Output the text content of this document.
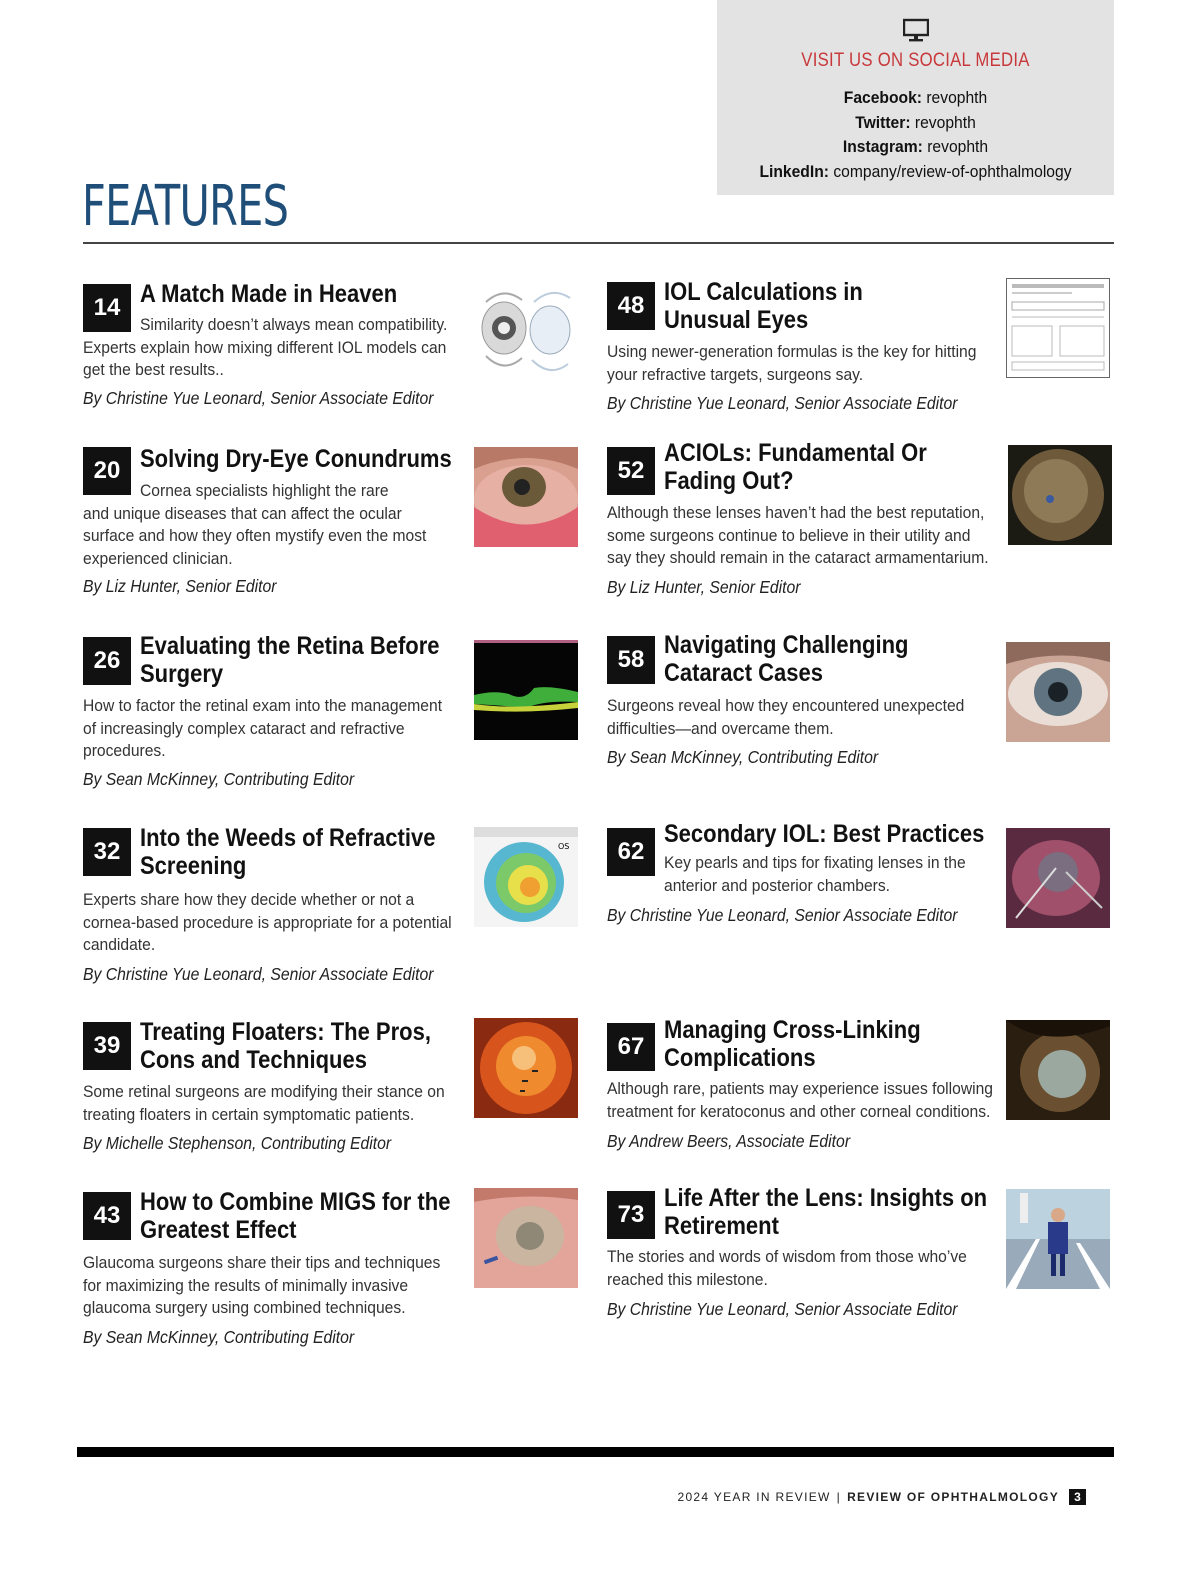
VISIT US ON SOCIAL MEDIA
Facebook: revophth
Twitter: revophth
Instagram: revophth
LinkedIn: company/review-of-ophthalmology
FEATURES
14 A Match Made in Heaven
Similarity doesn’t always mean compatibility.
Experts explain how mixing different IOL models can
get the best results..
By Christine Yue Leonard, Senior Associate Editor
20 Solving Dry-Eye Conundrums
Cornea specialists highlight the rare
and unique diseases that can affect the ocular
surface and how they often mystify even the most
experienced clinician.
By Liz Hunter, Senior Editor
26
Evaluating the Retina Before
Surgery
How to factor the retinal exam into the management
of increasingly complex cataract and refractive
procedures.
By Sean McKinney, Contributing Editor
32 Into the Weeds of Refractive
Screening
Experts share how they decide whether or not a
cornea-based procedure is appropriate for a potential
candidate.
By Christine Yue Leonard, Senior Associate Editor
OS
39 Treating Floaters: The Pros,
Cons and Techniques
Some retinal surgeons are modifying their stance on
treating floaters in certain symptomatic patients.
By Michelle Stephenson, Contributing Editor
43 How to Combine MIGS for the
Greatest Effect
Glaucoma surgeons share their tips and techniques
for maximizing the results of minimally invasive
glaucoma surgery using combined techniques.
By Sean McKinney, Contributing Editor
48 IOL Calculations in
Unusual Eyes
Using newer-generation formulas is the key for hitting
your refractive targets, surgeons say.
By Christine Yue Leonard, Senior Associate Editor
52
ACIOLs: Fundamental Or
Fading Out?
Although these lenses haven’t had the best reputation,
some surgeons continue to believe in their utility and
say they should remain in the cataract armamentarium.
By Liz Hunter, Senior Editor
58
Navigating Challenging
Cataract Cases
Surgeons reveal how they encountered unexpected
difficulties—and overcame them.
By Sean McKinney, Contributing Editor
62
Secondary IOL: Best Practices
Key pearls and tips for fixating lenses in the
anterior and posterior chambers.
By Christine Yue Leonard, Senior Associate Editor
67
Managing Cross-Linking
Complications
Although rare, patients may experience issues following
treatment for keratoconus and other corneal conditions.
By Andrew Beers, Associate Editor
73
Life After the Lens: Insights on
Retirement
The stories and words of wisdom from those who’ve
reached this milestone.
By Christine Yue Leonard, Senior Associate Editor
2024 YEAR IN REVIEW | REVIEW OF OPHTHALMOLOGY	3
